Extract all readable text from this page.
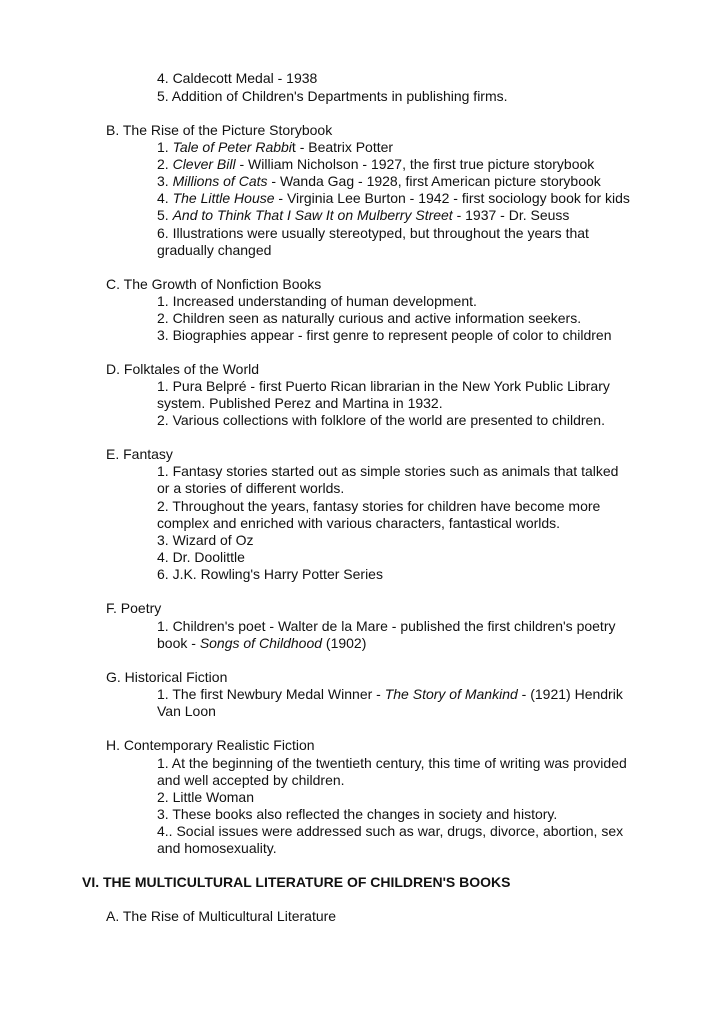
4. Caldecott Medal - 1938
5. Addition of Children's Departments in publishing firms.
B. The Rise of the Picture Storybook
1. Tale of Peter Rabbit - Beatrix Potter
2. Clever Bill - William Nicholson - 1927, the first true picture storybook
3. Millions of Cats - Wanda Gag - 1928, first American picture storybook
4. The Little House - Virginia Lee Burton - 1942 - first sociology book for kids
5. And to Think That I Saw It on Mulberry Street - 1937 - Dr. Seuss
6. Illustrations were usually stereotyped, but throughout the years that
gradually changed
C. The Growth of Nonfiction Books
1. Increased understanding of human development.
2. Children seen as naturally curious and active information seekers.
3. Biographies appear - first genre to represent people of color to children
D. Folktales of the World
1. Pura Belpré - first Puerto Rican librarian in the New York Public Library
system. Published Perez and Martina in 1932.
2. Various collections with folklore of the world are presented to children.
E. Fantasy
1. Fantasy stories started out as simple stories such as animals that talked
or a stories of different worlds.
2. Throughout the years, fantasy stories for children have become more
complex and enriched with various characters, fantastical worlds.
3. Wizard of Oz
4. Dr. Doolittle
6. J.K. Rowling's Harry Potter Series
F. Poetry
1. Children's poet - Walter de la Mare - published the first children's poetry
book - Songs of Childhood (1902)
G. Historical Fiction
1. The first Newbury Medal Winner - The Story of Mankind - (1921) Hendrik
Van Loon
H. Contemporary Realistic Fiction
1. At the beginning of the twentieth century, this time of writing was provided
and well accepted by children.
2. Little Woman
3. These books also reflected the changes in society and history.
4.. Social issues were addressed such as war, drugs, divorce, abortion, sex
and homosexuality.
VI. THE MULTICULTURAL LITERATURE OF CHILDREN'S BOOKS
A. The Rise of Multicultural Literature
